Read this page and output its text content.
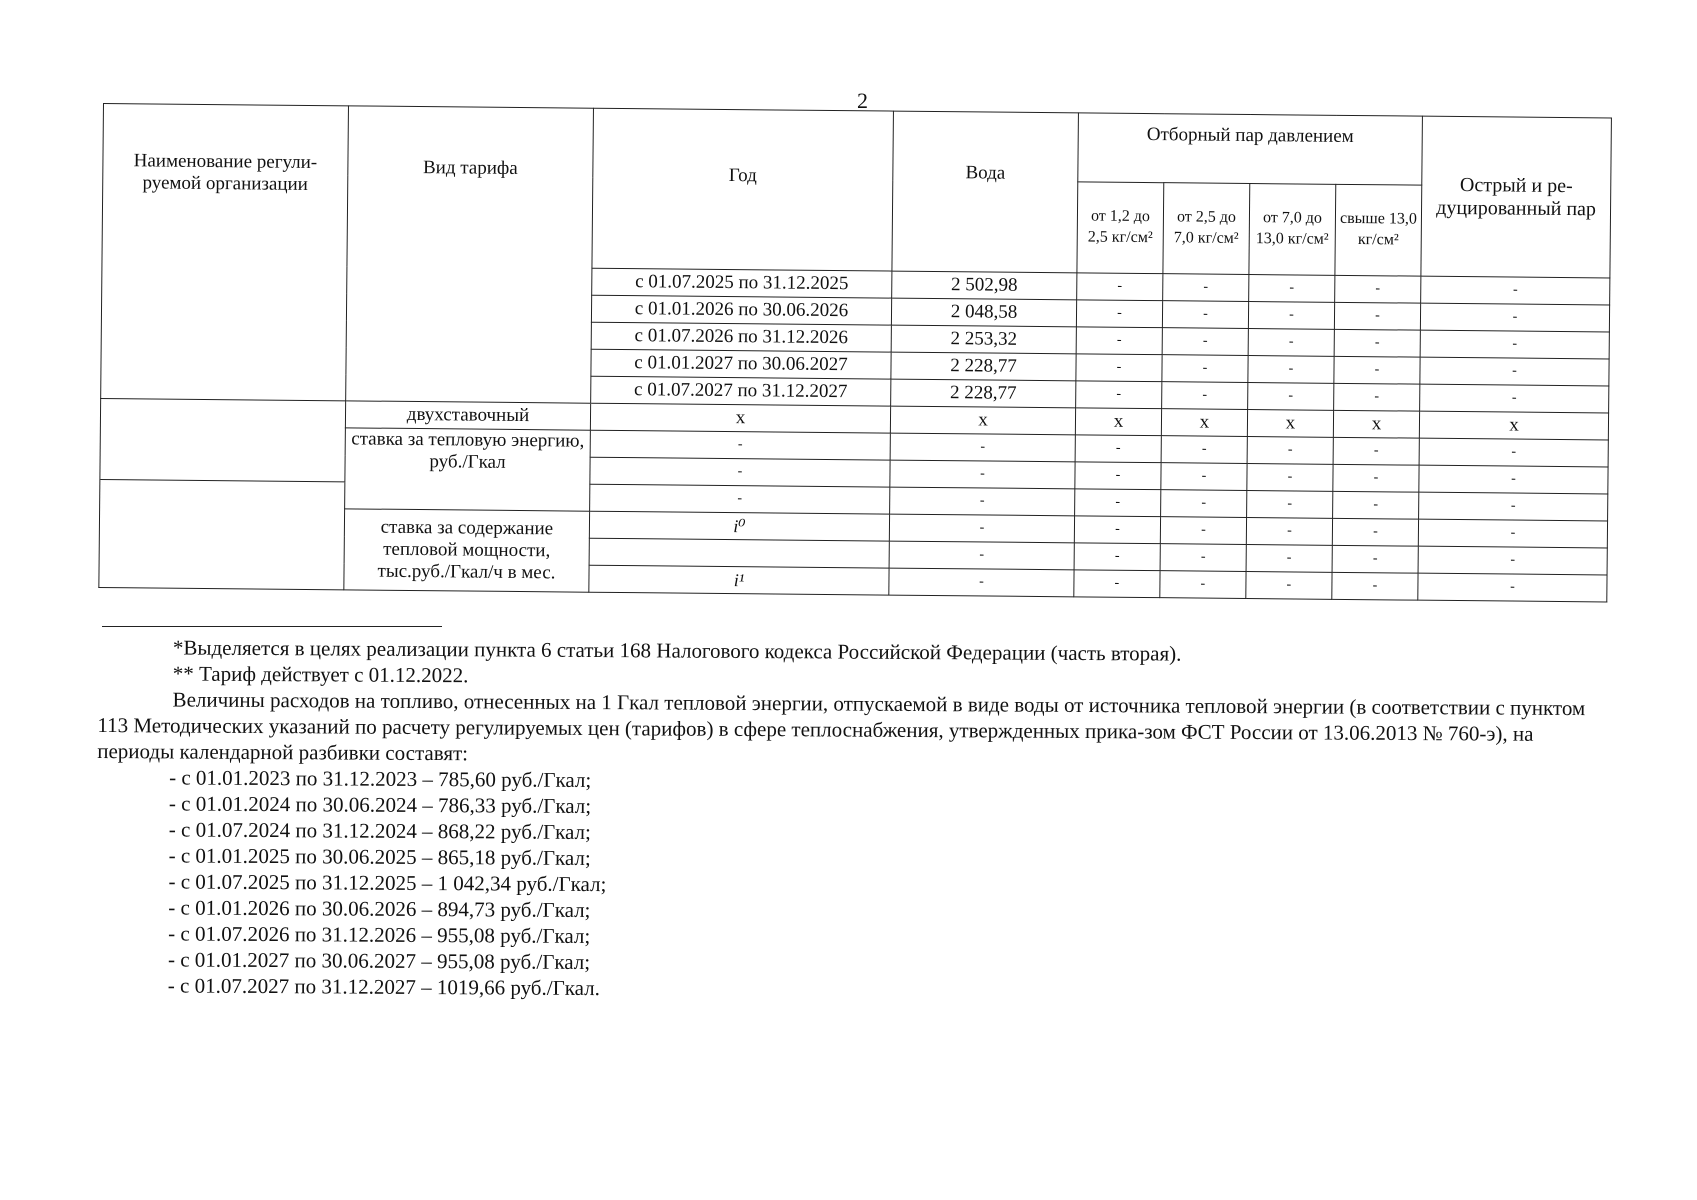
2
Наименование регули-руемой организации	Вид тарифа	Год	Вода	Отборный пар давлением				Острый и ре-дуцированный пар
				от 1,2 до 2,5 кг/см²	от 2,5 до 7,0 кг/см²	от 7,0 до 13,0 кг/см²	свыше 13,0 кг/см²	
		с 01.07.2025 по 31.12.2025	2 502,98	-	-	-	-	-
		с 01.01.2026 по 30.06.2026	2 048,58	-	-	-	-	-
		с 01.07.2026 по 31.12.2026	2 253,32	-	-	-	-	-
		с 01.01.2027 по 30.06.2027	2 228,77	-	-	-	-	-
		с 01.07.2027 по 31.12.2027	2 228,77	-	-	-	-	-
	двухставочный	x	x	x	x	x	x	x
	ставка за тепловую энергию, руб./Гкал	-	-	-	-	-	-	-
		-	-	-	-	-	-	-
		-	-	-	-	-	-	-
	ставка за содержание тепловой мощности, тыс.руб./Гкал/ч в мес.	i⁰	-	-	-	-	-	-
			-	-	-	-	-	-
		i¹	-	-	-	-	-	-

*Выделяется в целях реализации пункта 6 статьи 168 Налогового кодекса Российской Федерации (часть вторая).

** Тариф действует с 01.12.2022.

Величины расходов на топливо, отнесенных на 1 Гкал тепловой энергии, отпускаемой в виде воды от источника тепловой энергии (в соответствии с пунктом 113 Методических указаний по расчету регулируемых цен (тарифов) в сфере теплоснабжения, утвержденных прика-зом ФСТ России от 13.06.2013 № 760-э), на периоды календарной разбивки составят:

- с 01.01.2023 по 31.12.2023 – 785,60 руб./Гкал;
- с 01.01.2024 по 30.06.2024 – 786,33 руб./Гкал;
- с 01.07.2024 по 31.12.2024 – 868,22 руб./Гкал;
- с 01.01.2025 по 30.06.2025 – 865,18 руб./Гкал;
- с 01.07.2025 по 31.12.2025 – 1 042,34 руб./Гкал;
- с 01.01.2026 по 30.06.2026 – 894,73 руб./Гкал;
- с 01.07.2026 по 31.12.2026 – 955,08 руб./Гкал;
- с 01.01.2027 по 30.06.2027 – 955,08 руб./Гкал;
- с 01.07.2027 по 31.12.2027 – 1019,66 руб./Гкал.
